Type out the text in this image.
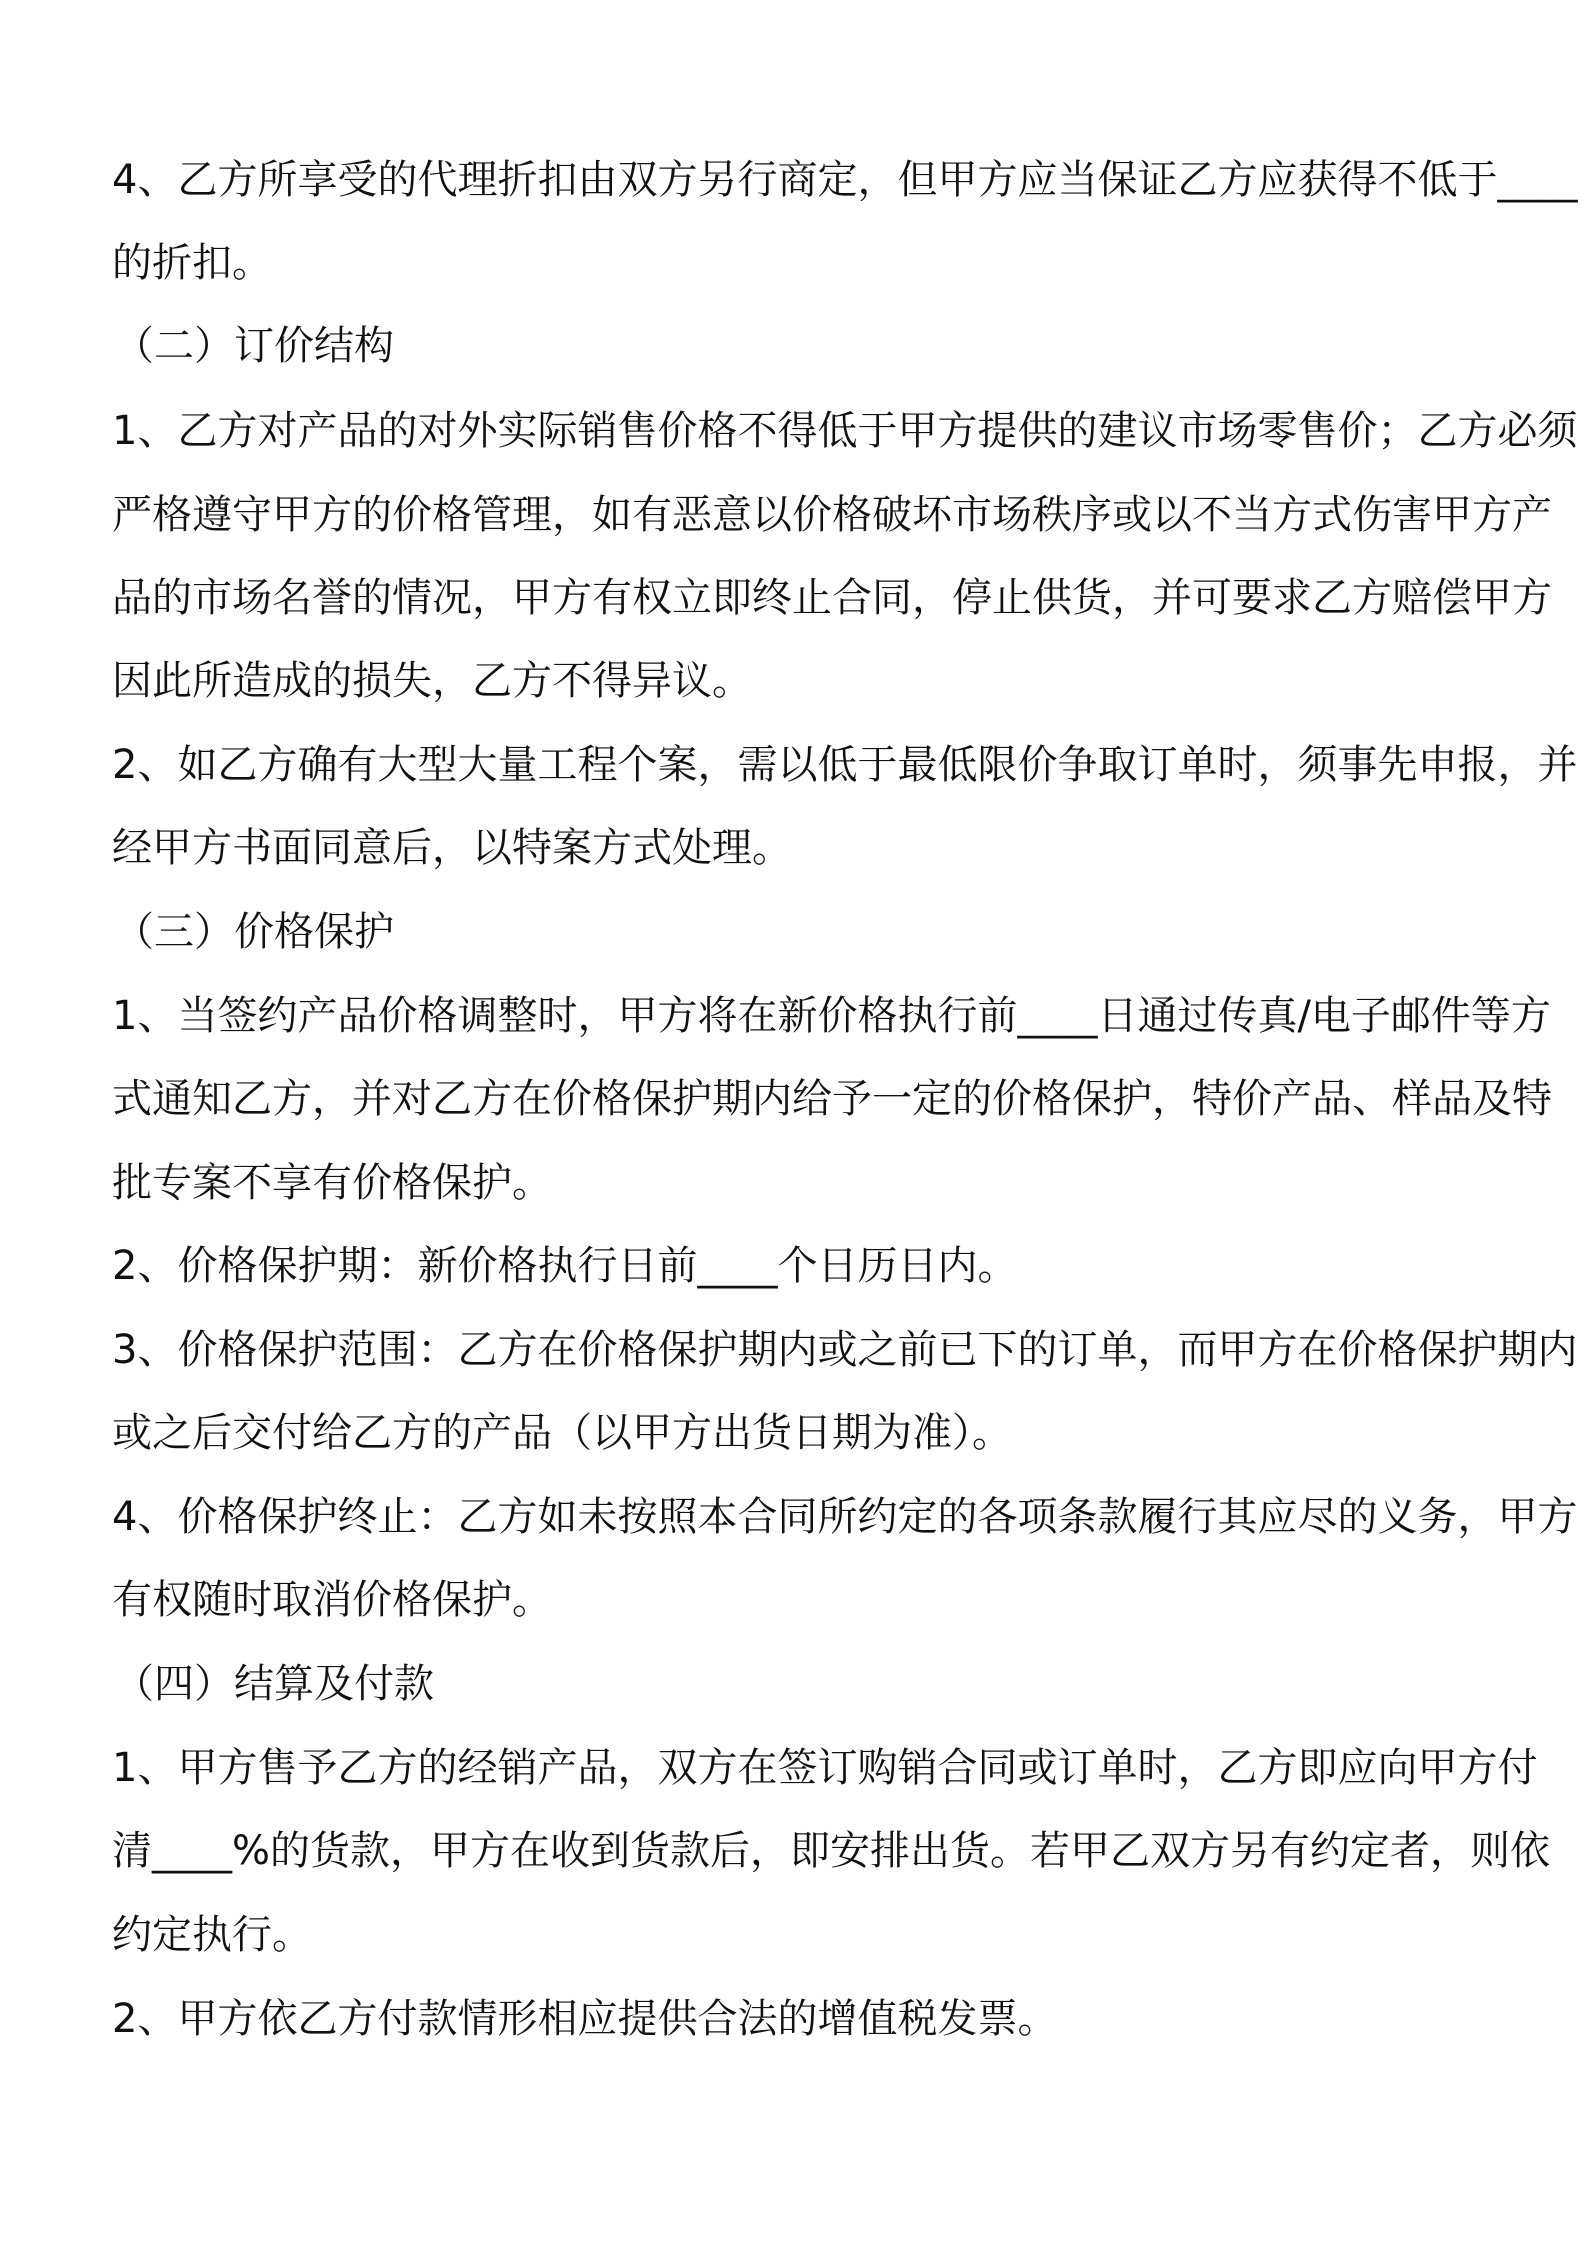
4、乙方所享受的代理折扣由双方另行商定，但甲方应当保证乙方应获得不低于____
的折扣。
（二）订价结构
1、乙方对产品的对外实际销售价格不得低于甲方提供的建议市场零售价；乙方必须
严格遵守甲方的价格管理，如有恶意以价格破坏市场秩序或以不当方式伤害甲方产
品的市场名誉的情况，甲方有权立即终止合同，停止供货，并可要求乙方赔偿甲方
因此所造成的损失，乙方不得异议。
2、如乙方确有大型大量工程个案，需以低于最低限价争取订单时，须事先申报，并
经甲方书面同意后，以特案方式处理。
（三）价格保护
1、当签约产品价格调整时，甲方将在新价格执行前____日通过传真/电子邮件等方
式通知乙方，并对乙方在价格保护期内给予一定的价格保护，特价产品、样品及特
批专案不享有价格保护。
2、价格保护期：新价格执行日前____个日历日内。
3、价格保护范围：乙方在价格保护期内或之前已下的订单，而甲方在价格保护期内
或之后交付给乙方的产品（以甲方出货日期为准）。
4、价格保护终止：乙方如未按照本合同所约定的各项条款履行其应尽的义务，甲方
有权随时取消价格保护。
（四）结算及付款
1、甲方售予乙方的经销产品，双方在签订购销合同或订单时，乙方即应向甲方付
清____%的货款，甲方在收到货款后，即安排出货。若甲乙双方另有约定者，则依
约定执行。
2、甲方依乙方付款情形相应提供合法的增值税发票。
